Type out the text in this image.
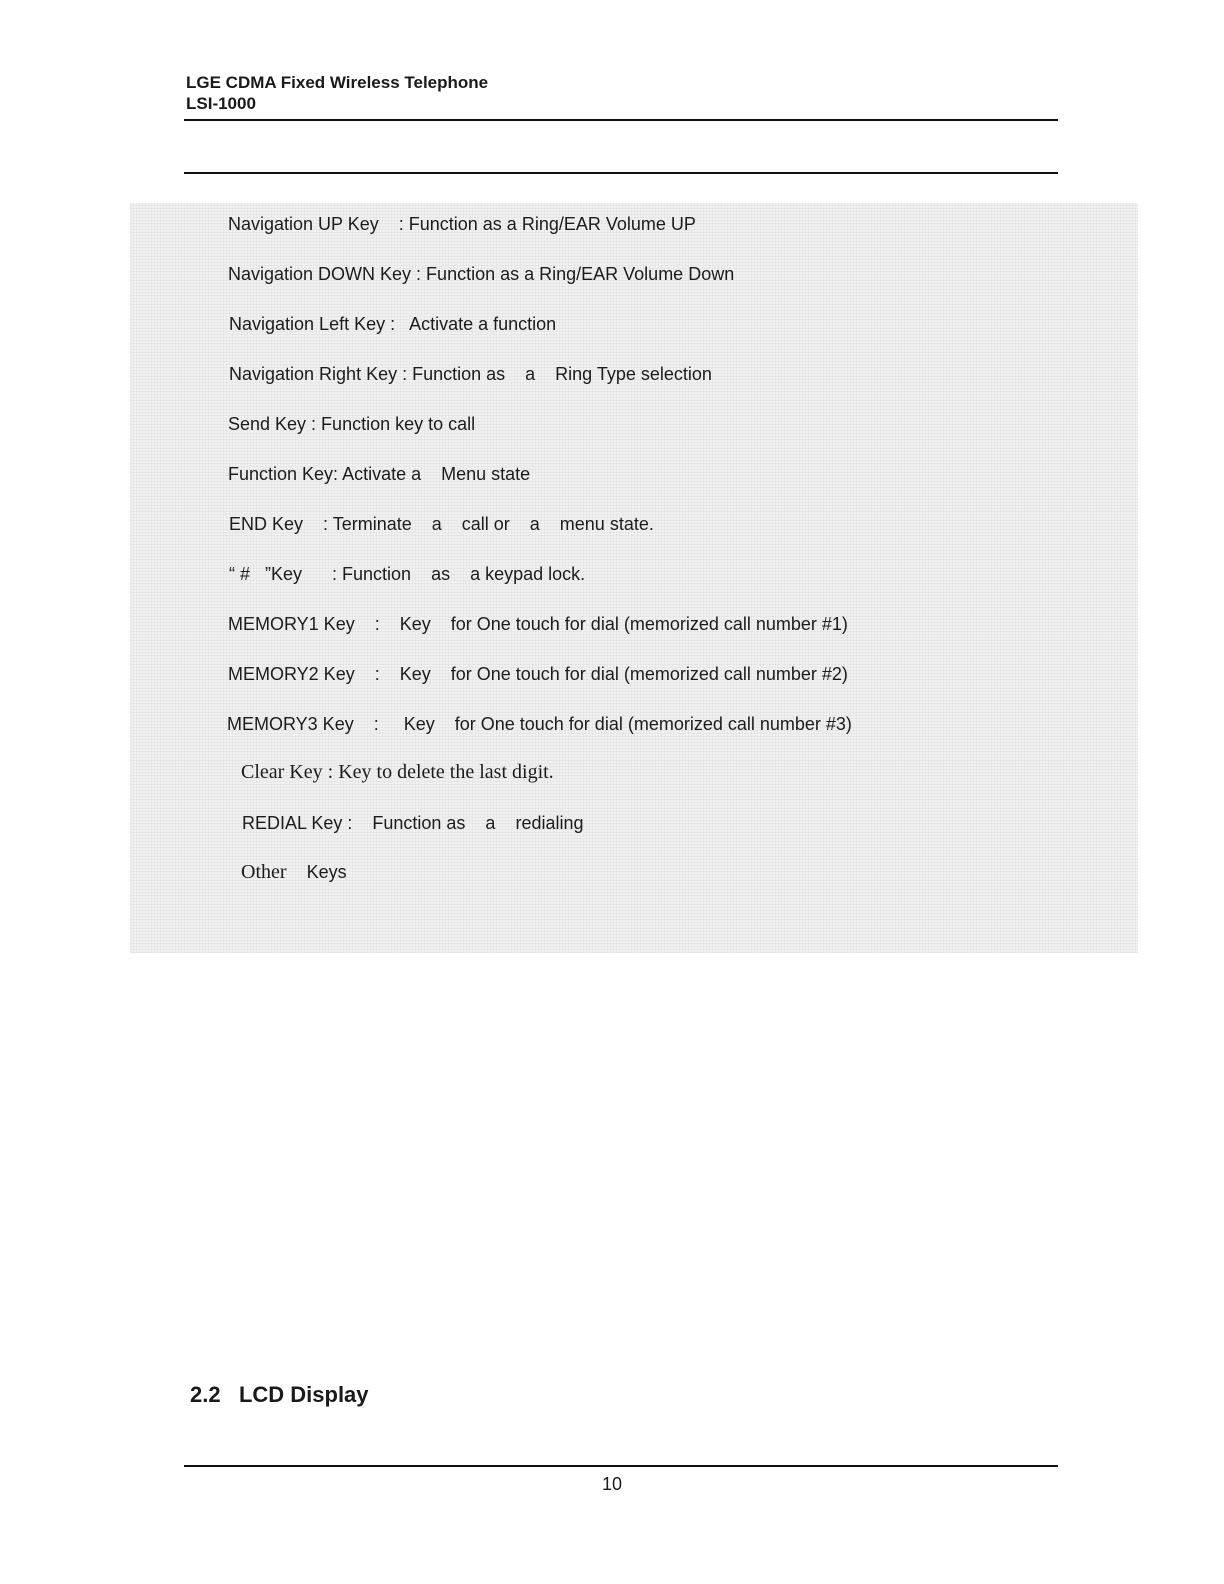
LGE CDMA Fixed Wireless Telephone
LSI-1000
Navigation UP Key    : Function as a Ring/EAR Volume UP
Navigation DOWN Key : Function as a Ring/EAR Volume Down
Navigation Left Key :   Activate a function
Navigation Right Key : Function as    a    Ring Type selection
Send Key : Function key to call
Function Key: Activate a    Menu state
END Key    : Terminate    a    call or    a    menu state.
“ #   ”Key      : Function    as    a keypad lock.
MEMORY1 Key    :    Key    for One touch for dial (memorized call number #1)
MEMORY2 Key    :    Key    for One touch for dial (memorized call number #2)
MEMORY3 Key    :     Key    for One touch for dial (memorized call number #3)
Clear Key : Key to delete the last digit.
REDIAL Key :    Function as    a    redialing
Other Keys
2.2 LCD Display
10
